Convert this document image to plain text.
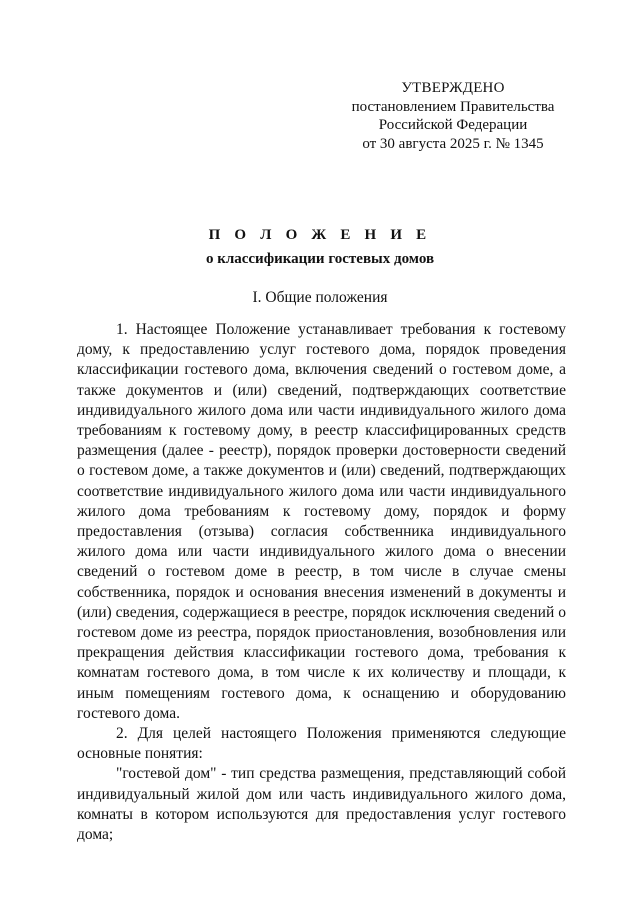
УТВЕРЖДЕНО
постановлением Правительства
Российской Федерации
от 30 августа 2025 г. № 1345
П О Л О Ж Е Н И Е
о классификации гостевых домов
I. Общие положения

1. Настоящее Положение устанавливает требования к гостевому дому, к предоставлению услуг гостевого дома, порядок проведения классификации гостевого дома, включения сведений о гостевом доме, а также документов и (или) сведений, подтверждающих соответствие индивидуального жилого дома или части индивидуального жилого дома требованиям к гостевому дому, в реестр классифицированных средств размещения (далее - реестр), порядок проверки достоверности сведений о гостевом доме, а также документов и (или) сведений, подтверждающих соответствие индивидуального жилого дома или части индивидуального жилого дома требованиям к гостевому дому, порядок и форму предоставления (отзыва) согласия собственника индивидуального жилого дома или части индивидуального жилого дома о внесении сведений о гостевом доме в реестр, в том числе в случае смены собственника, порядок и основания внесения изменений в документы и (или) сведения, содержащиеся в реестре, порядок исключения сведений о гостевом доме из реестра, порядок приостановления, возобновления или прекращения действия классификации гостевого дома, требования к комнатам гостевого дома, в том числе к их количеству и площади, к иным помещениям гостевого дома, к оснащению и оборудованию гостевого дома.

2. Для целей настоящего Положения применяются следующие основные понятия:

"гостевой дом" - тип средства размещения, представляющий собой индивидуальный жилой дом или часть индивидуального жилого дома, комнаты в котором используются для предоставления услуг гостевого дома;
